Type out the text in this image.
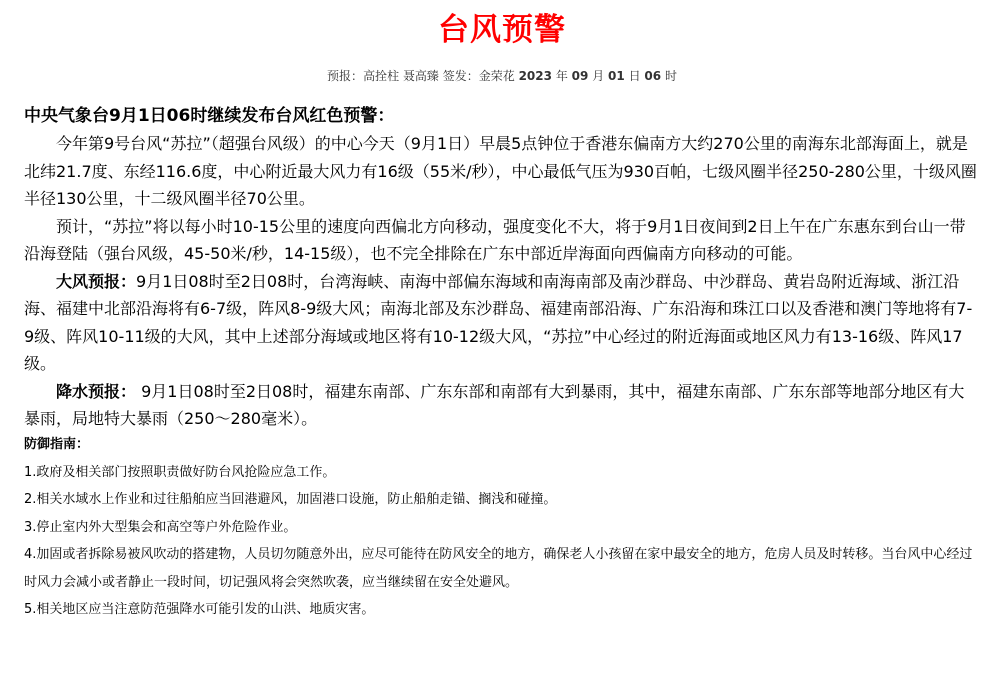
台风预警
预报：高拴柱 聂高臻 签发：金荣花 2023 年 09 月 01 日 06 时
中央气象台9月1日06时继续发布台风红色预警：

今年第9号台风“苏拉”（超强台风级）的中心今天（9月1日）早晨5点钟位于香港东偏南方大约270公里的南海东北部海面上，就是北纬21.7度、东经116.6度，中心附近最大风力有16级（55米/秒），中心最低气压为930百帕，七级风圈半径250-280公里，十级风圈半径130公里，十二级风圈半径70公里。

预计，“苏拉”将以每小时10-15公里的速度向西偏北方向移动，强度变化不大，将于9月1日夜间到2日上午在广东惠东到台山一带沿海登陆（强台风级，45-50米/秒，14-15级），也不完全排除在广东中部近岸海面向西偏南方向移动的可能。

大风预报：9月1日08时至2日08时，台湾海峡、南海中部偏东海域和南海南部及南沙群岛、中沙群岛、黄岩岛附近海域、浙江沿海、福建中北部沿海将有6-7级，阵风8-9级大风；南海北部及东沙群岛、福建南部沿海、广东沿海和珠江口以及香港和澳门等地将有7-9级、阵风10-11级的大风，其中上述部分海域或地区将有10-12级大风，“苏拉”中心经过的附近海面或地区风力有13-16级、阵风17级。

降水预报： 9月1日08时至2日08时，福建东南部、广东东部和南部有大到暴雨，其中，福建东南部、广东东部等地部分地区有大暴雨，局地特大暴雨（250～280毫米）。

防御指南：

1.政府及相关部门按照职责做好防台风抢险应急工作。

2.相关水域水上作业和过往船舶应当回港避风，加固港口设施，防止船舶走锚、搁浅和碰撞。

3.停止室内外大型集会和高空等户外危险作业。

4.加固或者拆除易被风吹动的搭建物，人员切勿随意外出，应尽可能待在防风安全的地方，确保老人小孩留在家中最安全的地方，危房人员及时转移。当台风中心经过时风力会减小或者静止一段时间，切记强风将会突然吹袭，应当继续留在安全处避风。

5.相关地区应当注意防范强降水可能引发的山洪、地质灾害。
